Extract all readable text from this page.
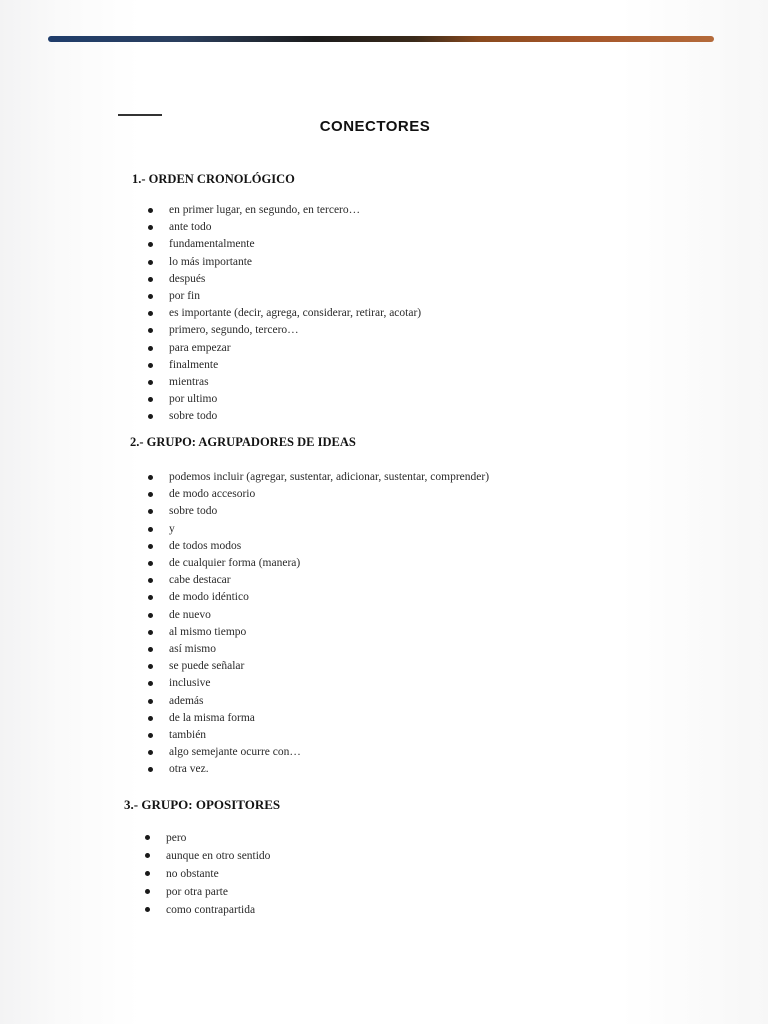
CONECTORES
1.- ORDEN CRONOLÓGICO
en primer lugar, en segundo, en tercero…
ante todo
fundamentalmente
lo más importante
después
por fin
es importante (decir, agrega, considerar, retirar, acotar)
primero, segundo, tercero…
para empezar
finalmente
mientras
por ultimo
sobre todo
2.- GRUPO: AGRUPADORES DE IDEAS
podemos incluir (agregar, sustentar, adicionar, sustentar, comprender)
de modo accesorio
sobre todo
y
de todos modos
de cualquier forma (manera)
cabe destacar
de modo idéntico
de nuevo
al mismo tiempo
así mismo
se puede señalar
inclusive
además
de la misma forma
también
algo semejante ocurre con…
otra vez.
3.- GRUPO: OPOSITORES
pero
aunque en otro sentido
no obstante
por otra parte
como contrapartida
